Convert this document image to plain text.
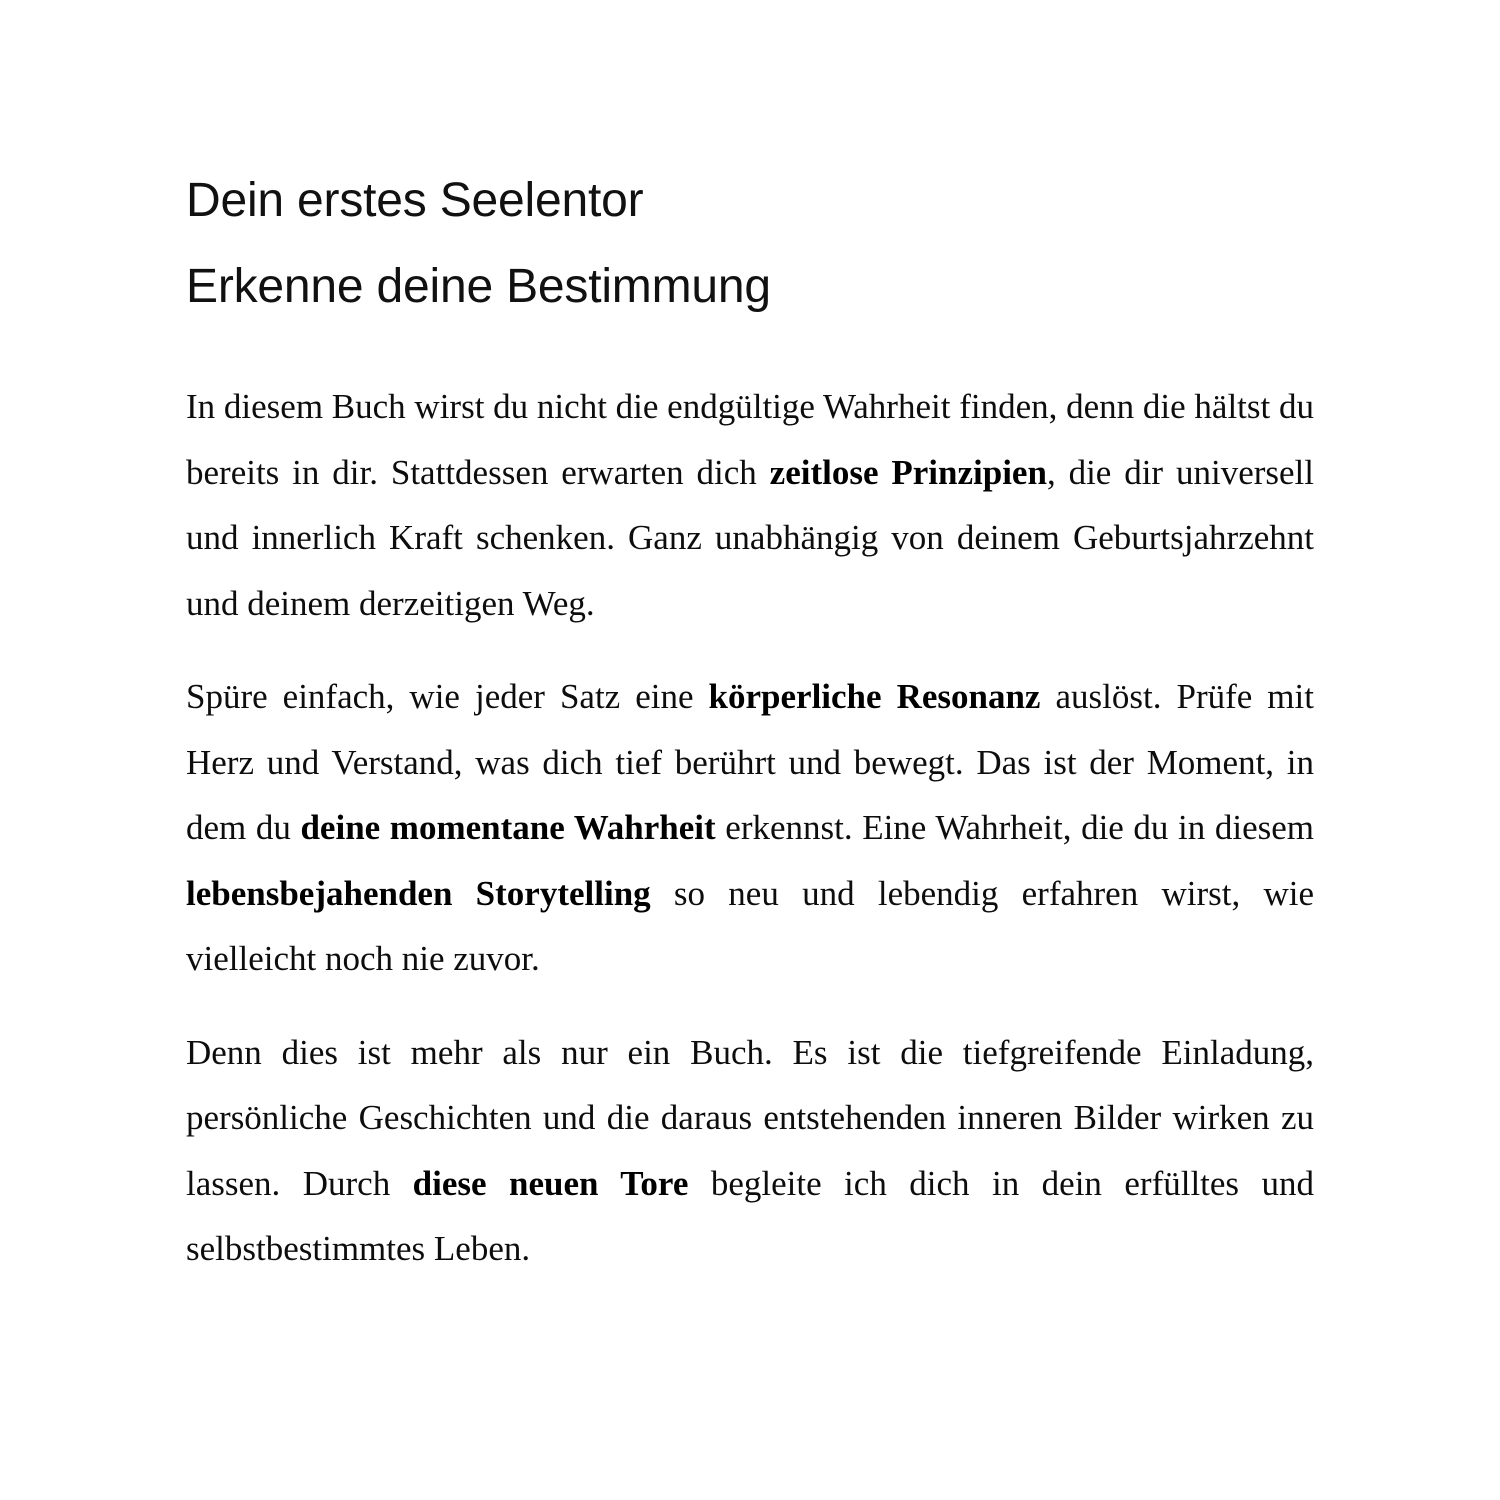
Dein erstes Seelentor
Erkenne deine Bestimmung

In diesem Buch wirst du nicht die endgültige Wahrheit finden, denn die hältst du bereits in dir. Stattdessen erwarten dich zeitlose Prinzipien, die dir universell und innerlich Kraft schenken. Ganz unabhängig von deinem Geburtsjahrzehnt und deinem derzeitigen Weg.

Spüre einfach, wie jeder Satz eine körperliche Resonanz auslöst. Prüfe mit Herz und Verstand, was dich tief berührt und bewegt. Das ist der Moment, in dem du deine momentane Wahrheit erkennst. Eine Wahrheit, die du in diesem lebensbejahenden Storytelling so neu und lebendig erfahren wirst, wie vielleicht noch nie zuvor.

Denn dies ist mehr als nur ein Buch. Es ist die tiefgreifende Einladung, persönliche Geschichten und die daraus entstehenden inneren Bilder wirken zu lassen. Durch diese neuen Tore begleite ich dich in dein erfülltes und selbstbestimmtes Leben.
